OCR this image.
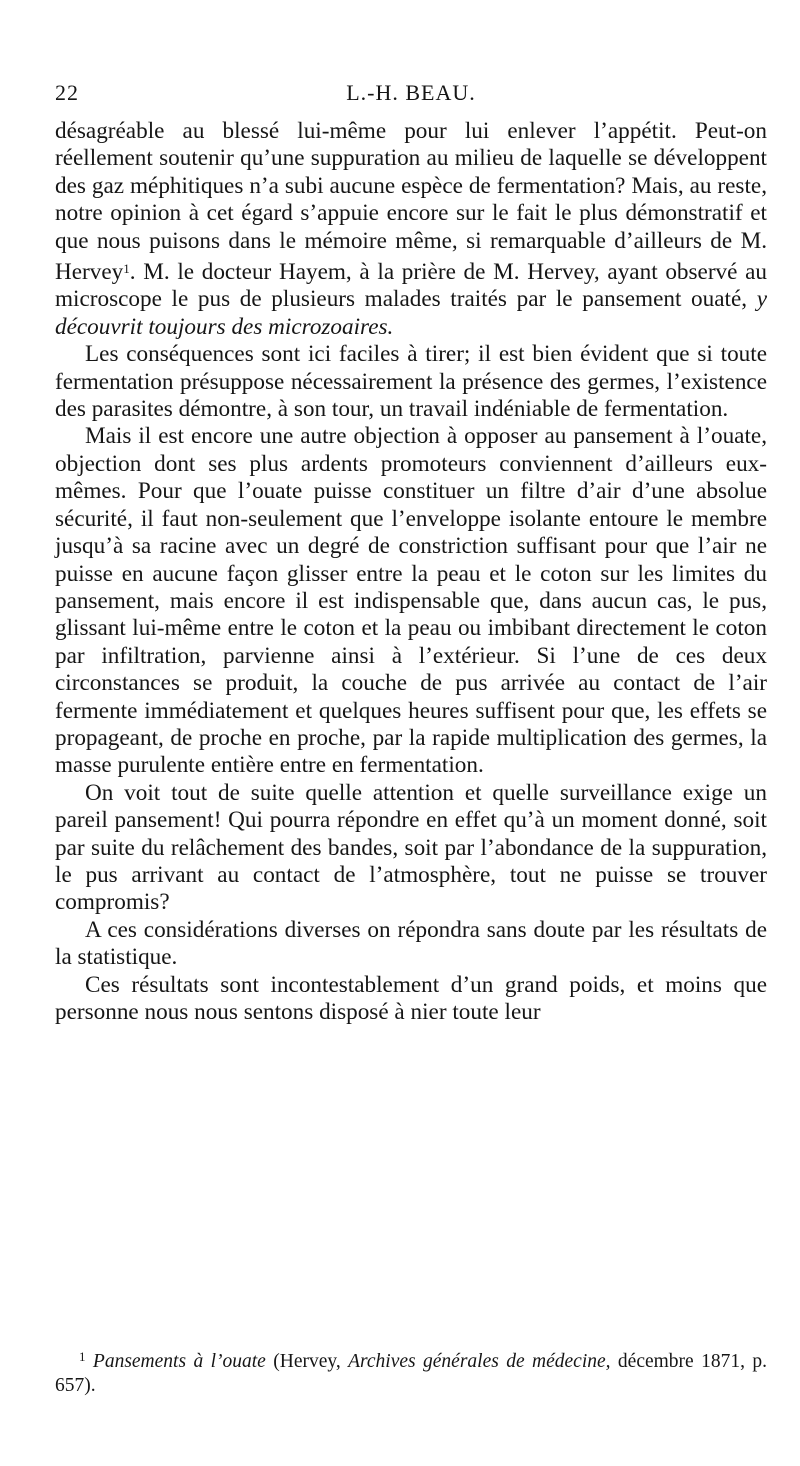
22	L.-H. BEAU.

désagréable au blessé lui-même pour lui enlever l’appétit. Peut-on réellement soutenir qu’une suppuration au milieu de laquelle se développent des gaz méphitiques n’a subi aucune espèce de fermentation? Mais, au reste, notre opinion à cet égard s’appuie encore sur le fait le plus démonstratif et que nous puisons dans le mémoire même, si remarquable d’ailleurs de M. Hervey$^1$. M. le docteur Hayem, à la prière de M. Hervey, ayant observé au microscope le pus de plusieurs malades traités par le pansement ouaté, y découvrit toujours des microzoaires.

Les conséquences sont ici faciles à tirer; il est bien évident que si toute fermentation présuppose nécessairement la présence des germes, l’existence des parasites démontre, à son tour, un travail indéniable de fermentation.

Mais il est encore une autre objection à opposer au pansement à l’ouate, objection dont ses plus ardents promoteurs conviennent d’ailleurs eux-mêmes. Pour que l’ouate puisse constituer un filtre d’air d’une absolue sécurité, il faut non-seulement que l’enveloppe isolante entoure le membre jusqu’à sa racine avec un degré de constriction suffisant pour que l’air ne puisse en aucune façon glisser entre la peau et le coton sur les limites du pansement, mais encore il est indispensable que, dans aucun cas, le pus, glissant lui-même entre le coton et la peau ou imbibant directement le coton par infiltration, parvienne ainsi à l’extérieur. Si l’une de ces deux circonstances se produit, la couche de pus arrivée au contact de l’air fermente immédiatement et quelques heures suffisent pour que, les effets se propageant, de proche en proche, par la rapide multiplication des germes, la masse purulente entière entre en fermentation.

On voit tout de suite quelle attention et quelle surveillance exige un pareil pansement! Qui pourra répondre en effet qu’à un moment donné, soit par suite du relâchement des bandes, soit par l’abondance de la suppuration, le pus arrivant au contact de l’atmosphère, tout ne puisse se trouver compromis?

A ces considérations diverses on répondra sans doute par les résultats de la statistique.

Ces résultats sont incontestablement d’un grand poids, et moins que personne nous nous sentons disposé à nier toute leur

$^1$ Pansements à l’ouate (Hervey, Archives générales de médecine, décembre 1871, p. 657).
